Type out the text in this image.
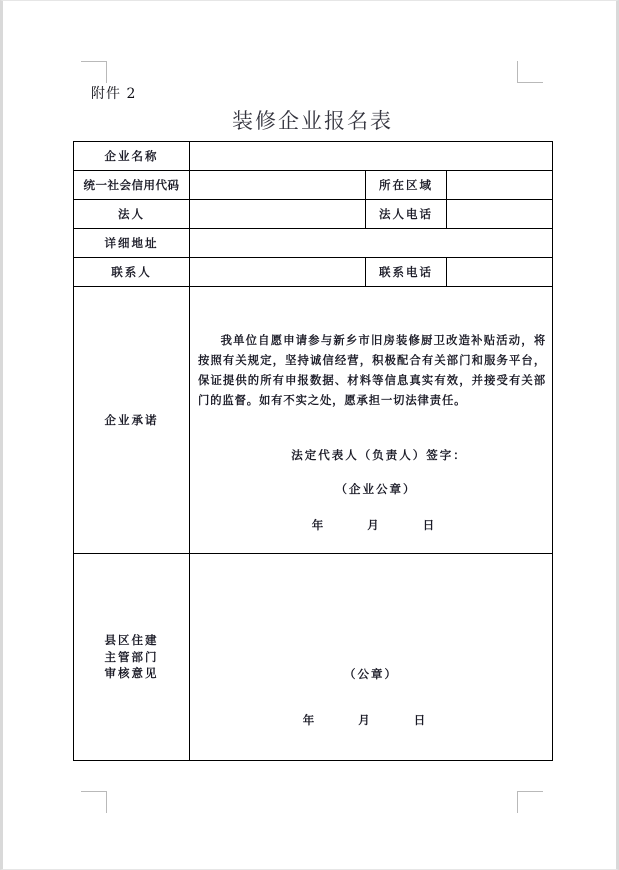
附件 2
装修企业报名表
企业名称			
统一社会信用代码		所在区域	
法人		法人电话	
详细地址			
联系人		联系电话	
企业承诺	我单位自愿申请参与新乡市旧房装修厨卫改造补贴活动，将按照有关规定，坚持诚信经营，积极配合有关部门和服务平台，保证提供的所有申报数据、材料等信息真实有效，并接受有关部门的监督。如有不实之处，愿承担一切法律责任。

法定代表人（负责人）签字：
（企业公章）
年 月 日		

县区住建
主管部门
审核意见	（公章）
年	月	日
